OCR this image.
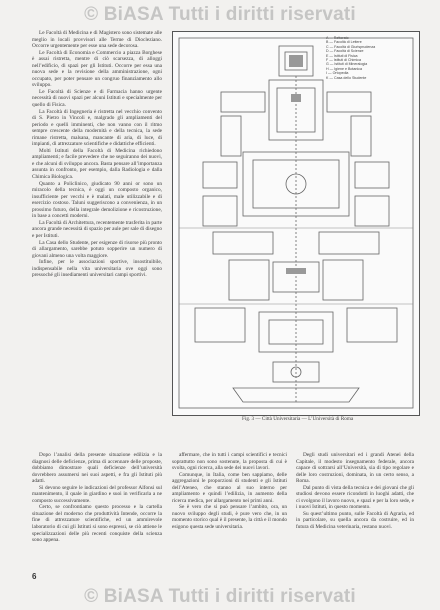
© BiASA Tutti i diritti riservati

Le Facoltà di Medicina e di Magistero sono sistemate alle meglio in locali provvisori alle Terme di Diocleziano. Occorre urgentemente per esse una sede decorosa.

Le Facoltà di Economia e Commercio a piazza Borghese è assai ristretta, mentre di ciò scarsezza, di alloggi nell’edificio, di spazi per gli Istituti. Occorre per essa una nuova sede e la revisione della amministrazione, ogni occupato, per poter pensare un congruo finanziamento allo sviluppo.

Le Facoltà di Scienze e di Farmacia hanno urgente necessità di nuovi spazi per alcuni Istituti e specialmente per quello di Fisica.

La Facoltà di Ingegneria è ristretta nel vecchio convento di S. Pietro in Vincoli e, malgrado gli ampliamenti del periodo e quelli imminenti, che non vanno con il ritmo sempre crescente della modernità e della tecnica, la sede rimane ristretta, malsana, mancante di aria, di luce, di impianti, di attrezzature scientifiche e didattiche efficienti.

Molti Istituti della Facoltà di Medicina richiedono ampliamenti; e facile prevedere che ne seguiranno dei nuovi, e che alcuni di sviluppo ancora. Basta pensare all’importanza assunta in confronto, per esempio, dalla Radiologia e dalla Chimica Biologica.

Quanto a Policlinico, giudicato 90 anni or sono un miracolo della tecnica, è oggi un composto organico, insufficiente per vecchi e è malati, male utilizzabile e di esercizio costoso. Taluni suggeriscono a convenienza, in un prossimo futuro, della integrale demolizione e ricostruzione, in base a concetti moderni.

La Facoltà di Architettura, recentemente trasferita in parte ancora grande necessità di spazio per aule per sale di disegno e per Istituti.

La Casa dello Studente, per esigenze di risorse più pronto di allargamento, sarebbe potuto sopperire un numero di giovani almeno una volta maggiore.

Infine, per le associazioni sportive, insostituibile, indispensabile nella vita universitaria ove oggi sono pressoché gli insediamenti universitari campi sportivi.

A — Rettorato
B — Facoltà di Lettere
C — Facoltà di Giurisprudenza
D — Facoltà di Scienze
E — Istituti di Fisica
F — Istituti di Chimica
G — Istituti di Mineralogia
H — Igiene e Botanica
I — Ortopedia
K — Casa dello Studente
Fig. 3 — Città Universitaria — L’Università di Roma

Dopo l’analisi della presente situazione edilizia e la diagnosi delle deficienze, prima di accennare delle proposte, dobbiamo dimostrare quali deficienze dell’università dovrebbero assumersi nei suoi aspetti, e fra gli Istituti più adatti.

Si devono seguire le indicazioni del professor Alfonsi sul mantenimento, il quale in giardino e suoi in verificarla a ne composto successivamente.

Certo, se confrontiamo questo processo e la cartella situazione del moderno che produttività Intende, occorre la fine di attrezzature scientifiche, ed un ammirevole laboratorio di cui gli Istituti si sono espressi, se ciò attiene le specializzazioni delle più recenti conquiste della scienza sono appena.

affermare, che in tutti i campi scientifici e tecnici soprattutto non sono sostenute, la proposta di cui è svolta, ogni ricerca, alla sede dei nuovi lavori.

Comunque, in Italia, come ben sappiamo, delle aggregazioni le proporzioni di studenti e gli Istituti dell’Ateneo, che stanno al suo interno per ampliamento e quindi l’edilizia, in aumento della ricerca medica, per allargamento nei primi anni.

Se è vero che si può pensare l’ambito, ora, un nuovo sviluppo degli studi, è pure vero che, in un momento storico qual è il presente, la città e il mondo esigono questa sede universitaria.

Degli studi universitari ed i grandi Atenei della Capitale, il modesto insegnamento federale, ancora capace di sottrarsi all’Università, sia di tipo regolare e delle loro costruzioni, dominata, in un certo senso, a Roma.

Dal punto di vista della tecnica e dei giovani che gli studiosi devono essere ricondotti in luoghi adatti, che ci svolgono il lavoro nuovo, e spazi e per la loro sede, e i nuovi Istituti, in questo momento.

Su quest’ultimo punto, sulle Facoltà di Agraria, ed in particolare, su quella ancora da costruire, ed in futura di Medicina veterinaria, restano nuovi.

6
© BiASA Tutti i diritti riservati
